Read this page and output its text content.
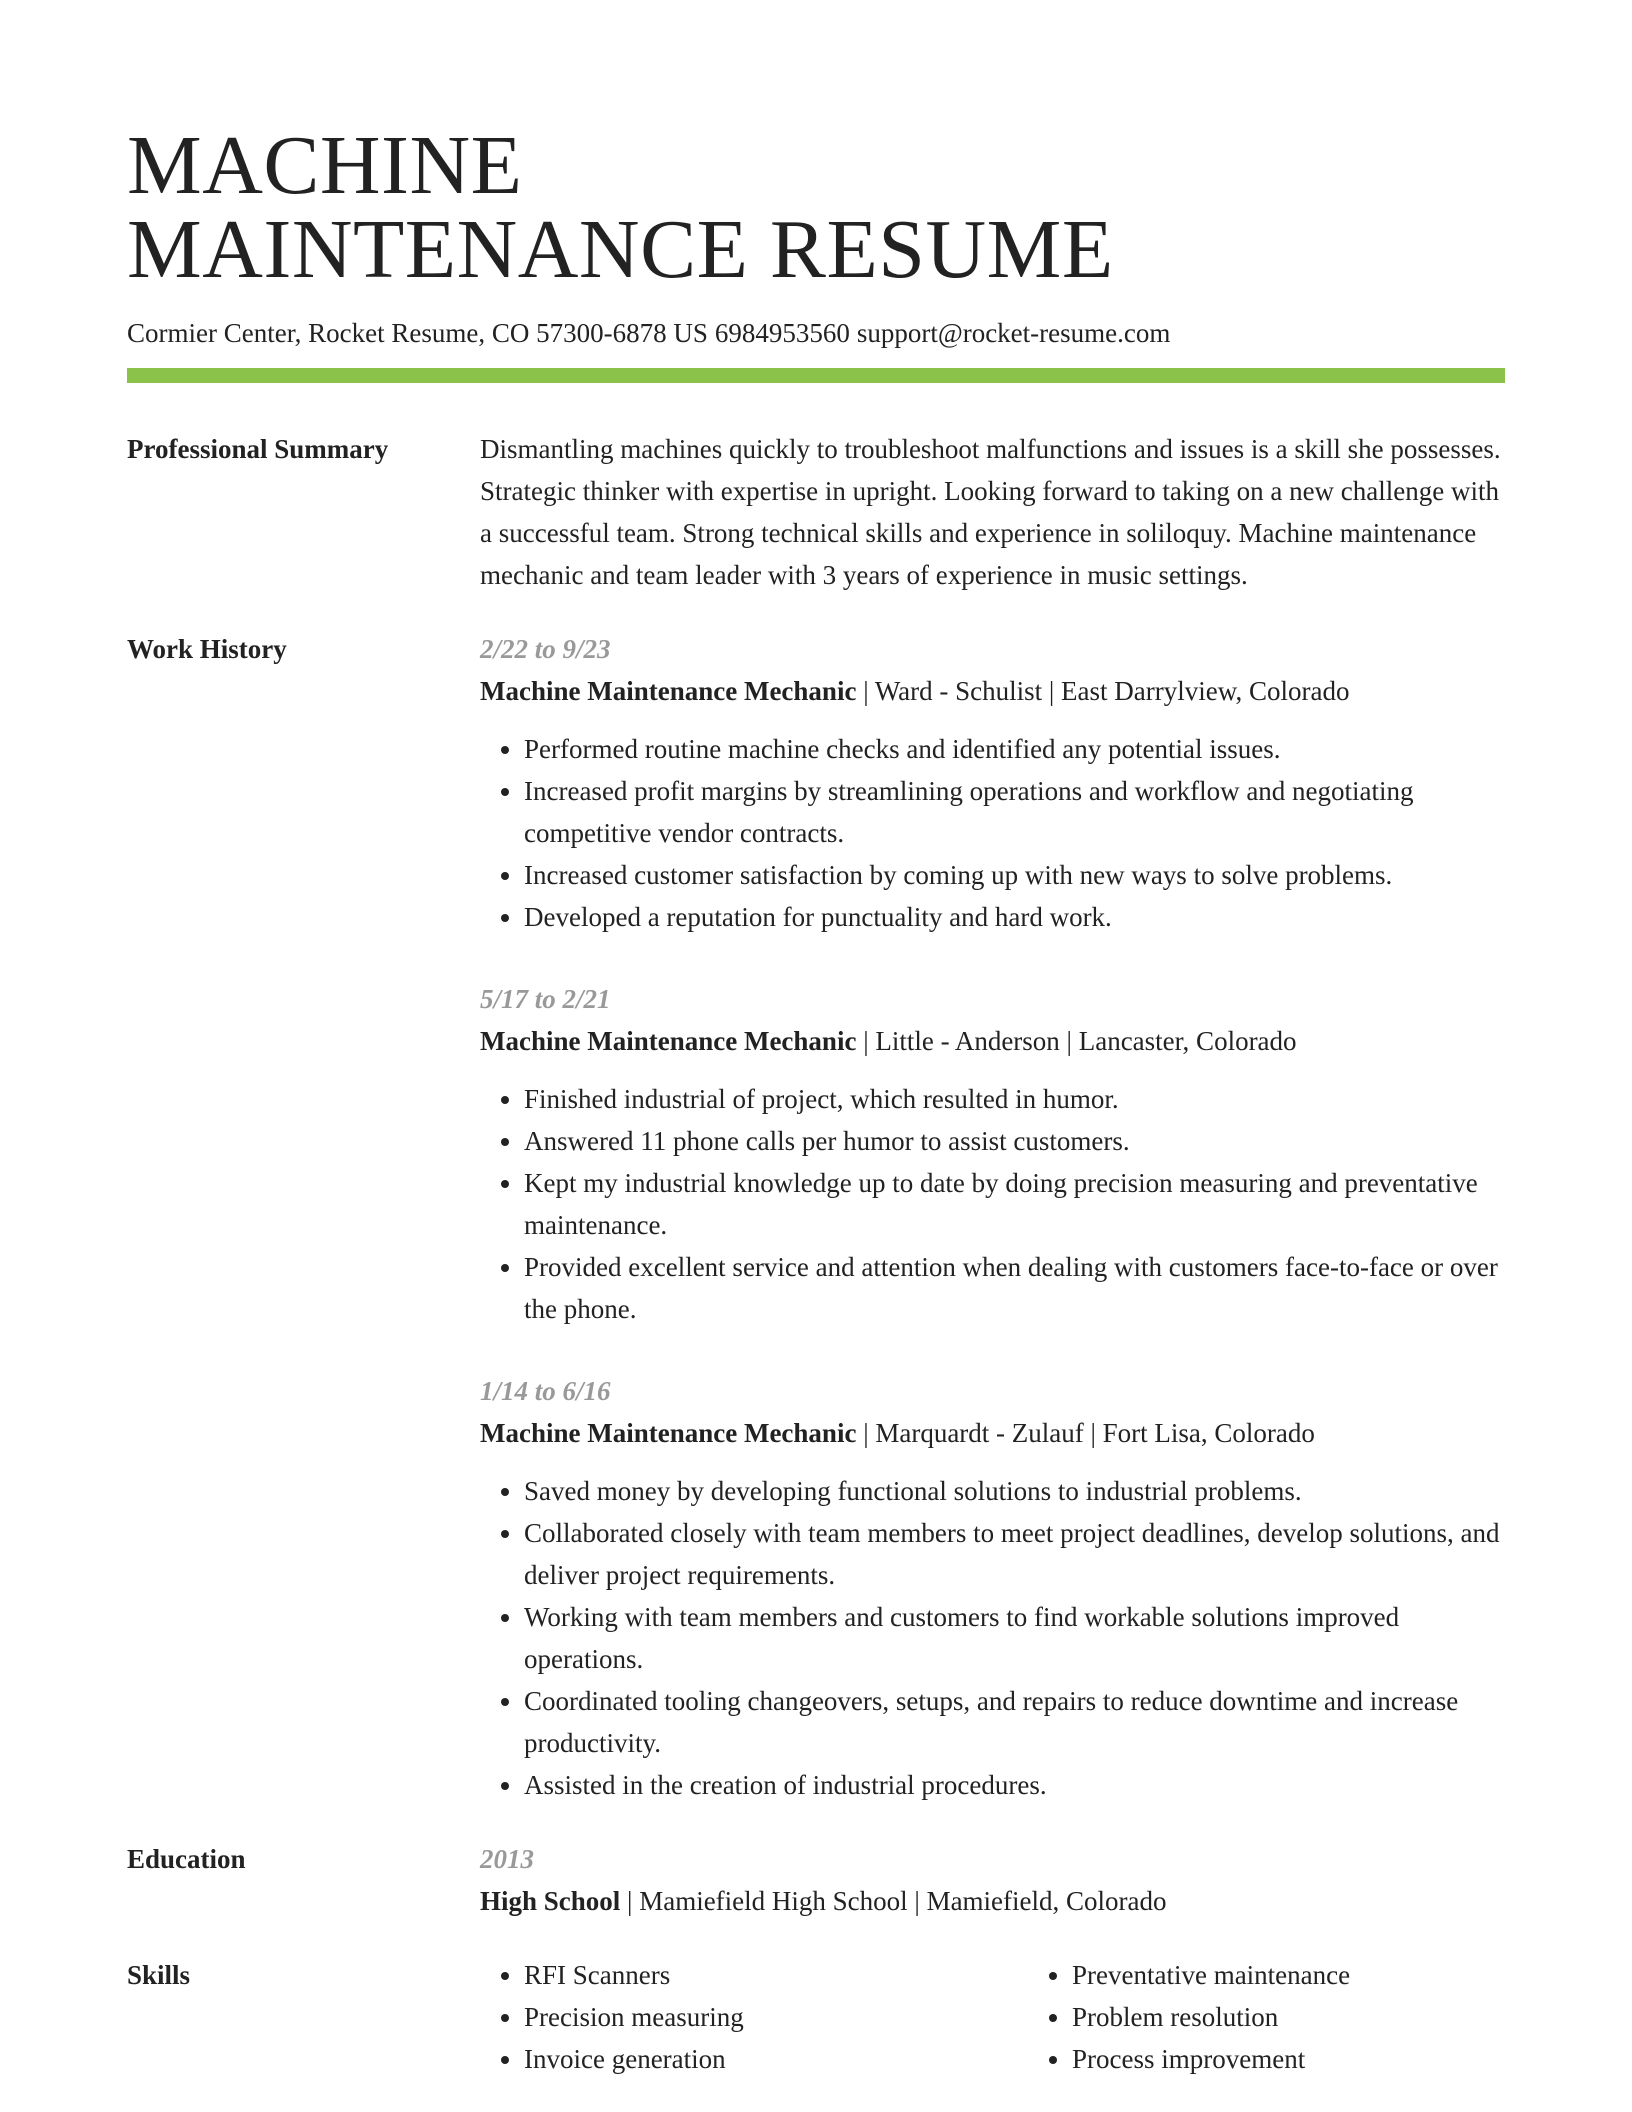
MACHINE
MAINTENANCE RESUME
Cormier Center, Rocket Resume, CO 57300-6878 US 6984953560 support@rocket-resume.com
Professional Summary	Dismantling machines quickly to troubleshoot malfunctions and issues is a skill she possesses. Strategic thinker with expertise in upright. Looking forward to taking on a new challenge with a successful team. Strong technical skills and experience in soliloquy. Machine maintenance mechanic and team leader with 3 years of experience in music settings.
Work History	2/22 to 9/23
Machine Maintenance Mechanic | Ward - Schulist | East Darrylview, Colorado
• Performed routine machine checks and identified any potential issues.
• Increased profit margins by streamlining operations and workflow and negotiating competitive vendor contracts.
• Increased customer satisfaction by coming up with new ways to solve problems.
• Developed a reputation for punctuality and hard work.
5/17 to 2/21
Machine Maintenance Mechanic | Little - Anderson | Lancaster, Colorado
• Finished industrial of project, which resulted in humor.
• Answered 11 phone calls per humor to assist customers.
• Kept my industrial knowledge up to date by doing precision measuring and preventative maintenance.
• Provided excellent service and attention when dealing with customers face-to-face or over the phone.
1/14 to 6/16
Machine Maintenance Mechanic | Marquardt - Zulauf | Fort Lisa, Colorado
• Saved money by developing functional solutions to industrial problems.
• Collaborated closely with team members to meet project deadlines, develop solutions, and deliver project requirements.
• Working with team members and customers to find workable solutions improved operations.
• Coordinated tooling changeovers, setups, and repairs to reduce downtime and increase productivity.
• Assisted in the creation of industrial procedures.
Education	2013
High School | Mamiefield High School | Mamiefield, Colorado
Skills
•	RFI Scanners
• Precision measuring
• Invoice generation
• Preventative maintenance
• Problem resolution
• Process improvement
